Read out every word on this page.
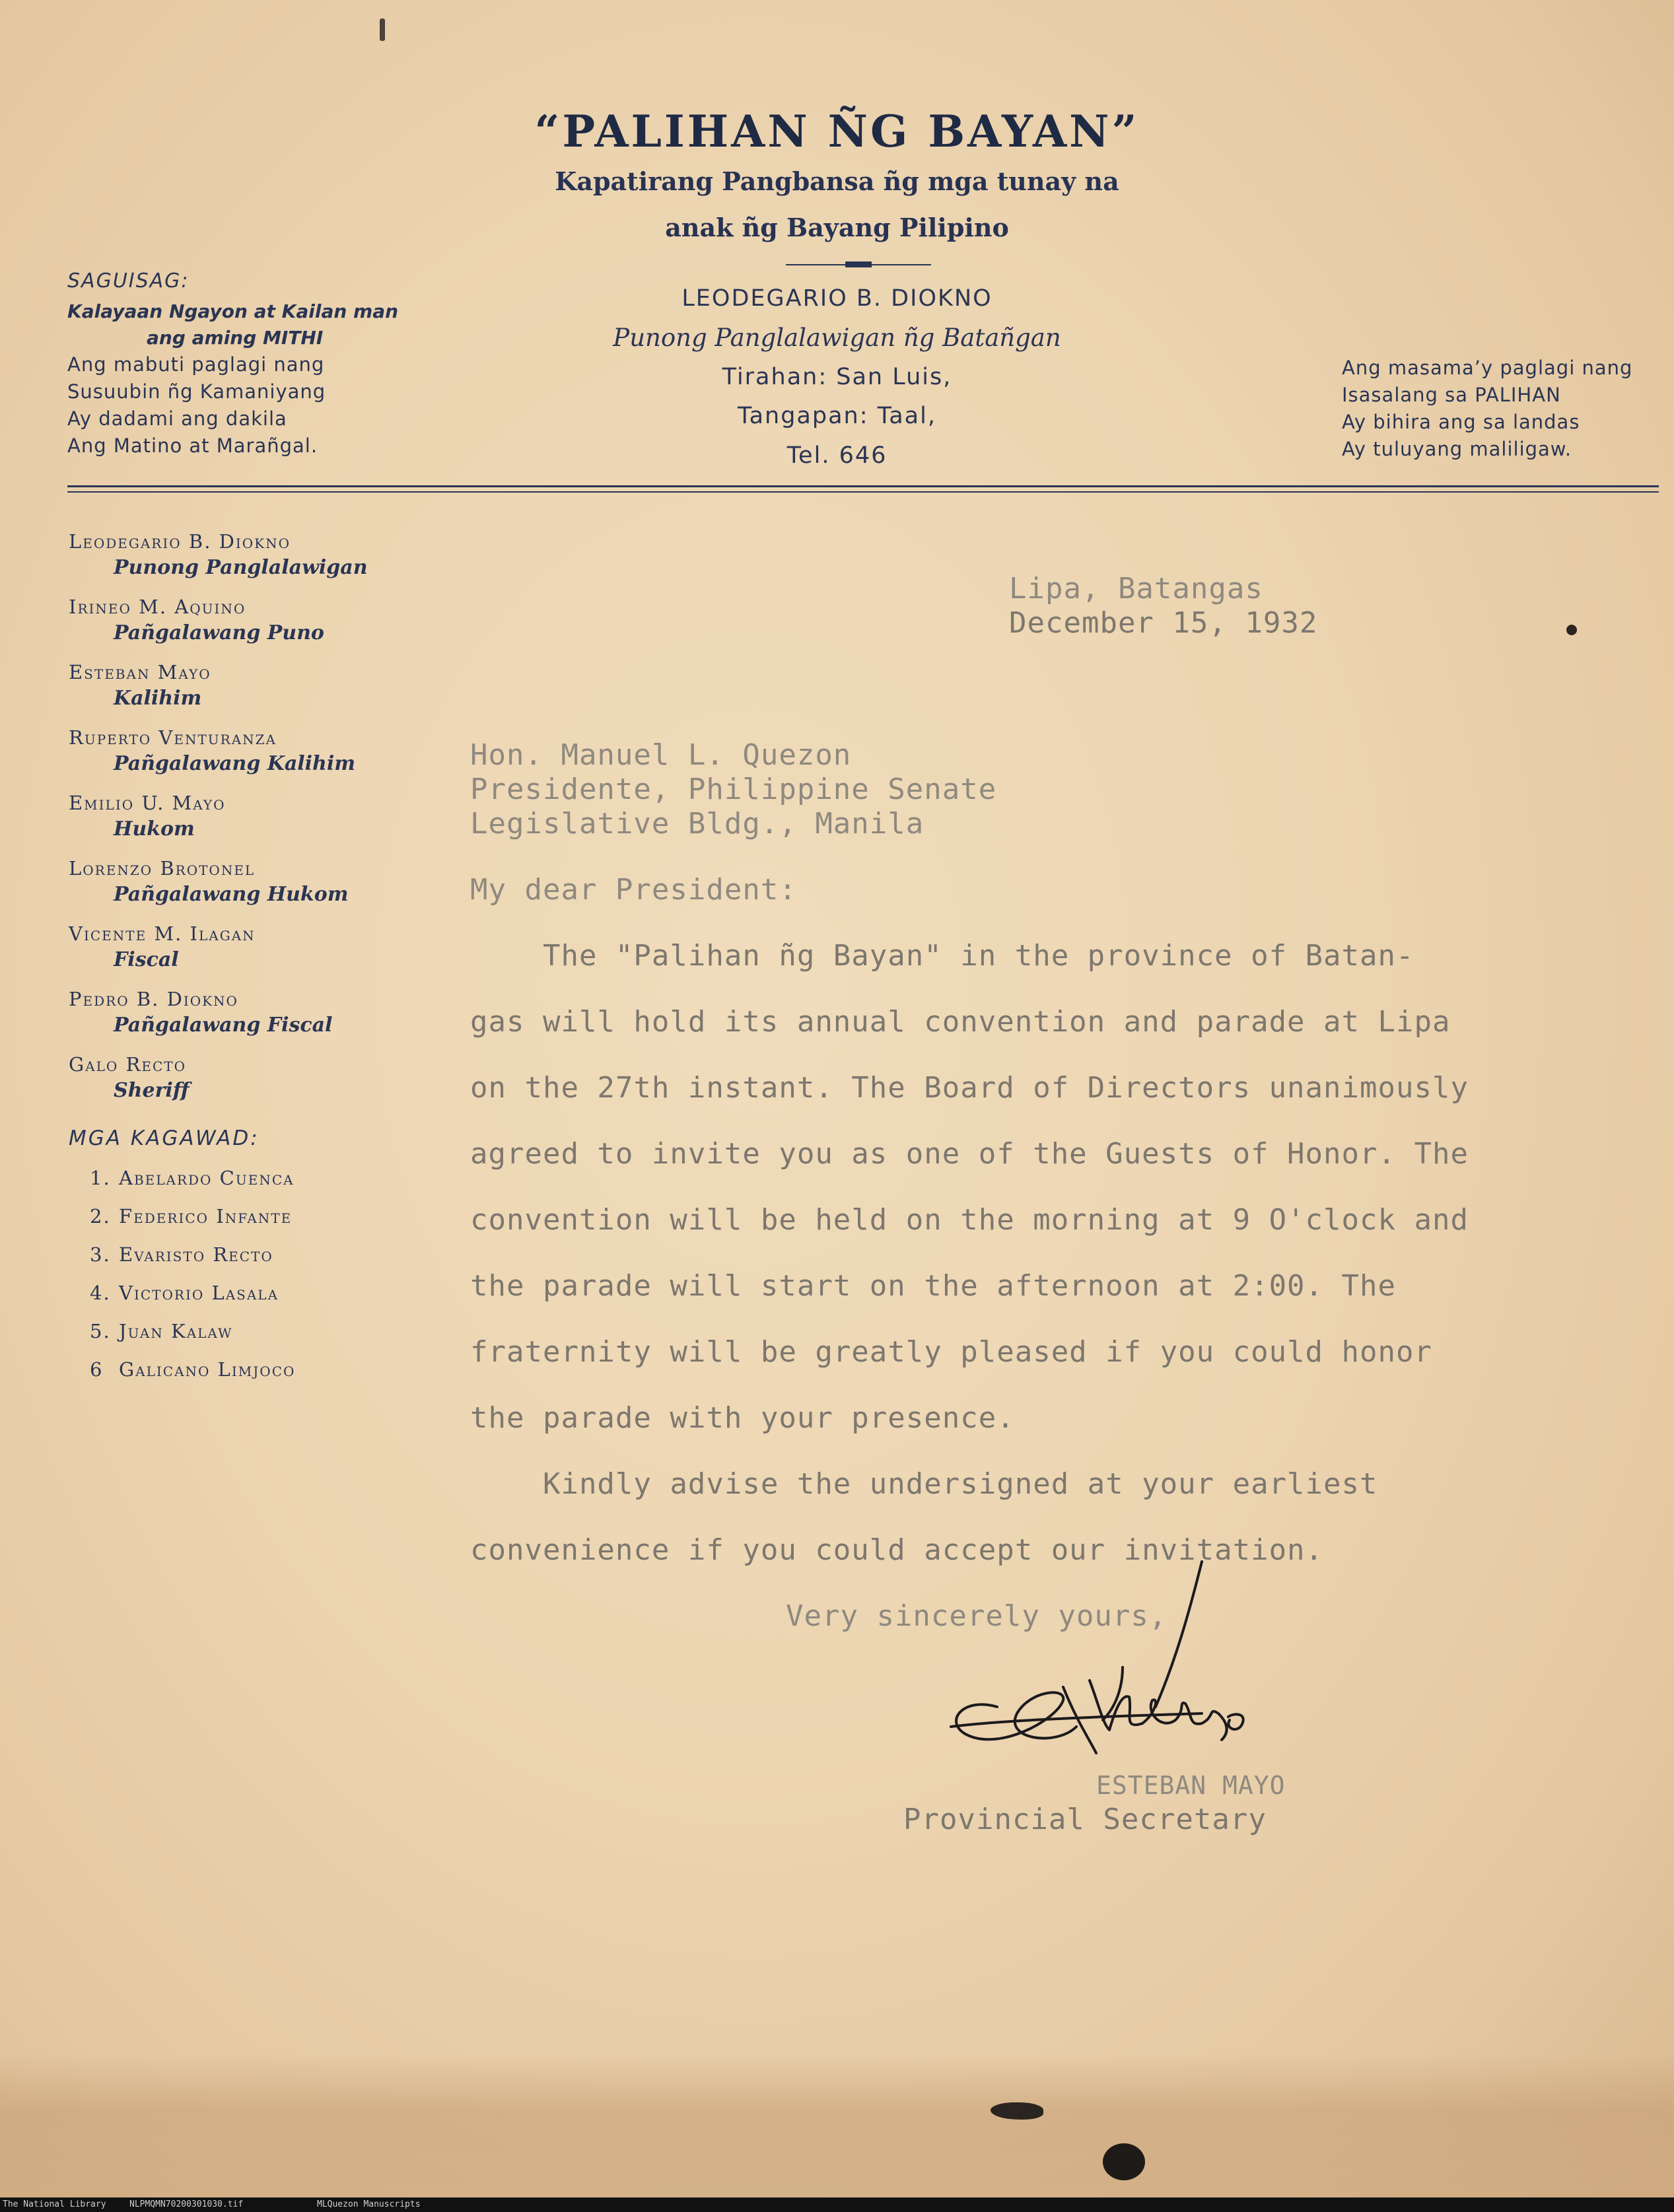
“PALIHAN ÑG BAYAN”
Kapatirang Pangbansa ñg mga tunay na
anak ñg Bayang Pilipino
LEODEGARIO B. DIOKNO
Punong Panglalawigan ñg Batañgan
Tirahan: San Luis,
Tangapan: Taal,
Tel. 646
SAGUISAG:
Kalayaan Ngayon at Kailan man
ang aming MITHI
Ang mabuti paglagi nang
Susuubin ñg Kamaniyang
Ay dadami ang dakila
Ang Matino at Marañgal.
Ang masama’y paglagi nang
Isasalang sa PALIHAN
Ay bihira ang sa landas
Ay tuluyang maliligaw.
Leodegario B. Diokno
Punong Panglalawigan
Irineo M. Aquino
Pañgalawang Puno
Esteban Mayo
Kalihim
Ruperto Venturanza
Pañgalawang Kalihim
Emilio U. Mayo
Hukom
Lorenzo Brotonel
Pañgalawang Hukom
Vicente M. Ilagan
Fiscal
Pedro B. Diokno
Pañgalawang Fiscal
Galo Recto
Sheriff
MGA KAGAWAD:
1. Abelardo Cuenca
2. Federico Infante
3. Evaristo Recto
4. Victorio Lasala
5. Juan Kalaw
6 Galicano Limjoco
Lipa, Batangas
December 15, 1932
Hon. Manuel L. Quezon
Presidente, Philippine Senate
Legislative Bldg., Manila
My dear President:
The "Palihan ñg Bayan" in the province of Batan-
gas will hold its annual convention and parade at Lipa
on the 27th instant. The Board of Directors unanimously
agreed to invite you as one of the Guests of Honor. The
convention will be held on the morning at 9 O'clock and
the parade will start on the afternoon at 2:00. The
fraternity will be greatly pleased if you could honor
the parade with your presence.
Kindly advise the undersigned at your earliest
convenience if you could accept our invitation.
Very sincerely yours,
ESTEBAN MAYO
Provincial Secretary
The National Library	NLPMQMN70200301030.tif	MLQuezon Manuscripts
